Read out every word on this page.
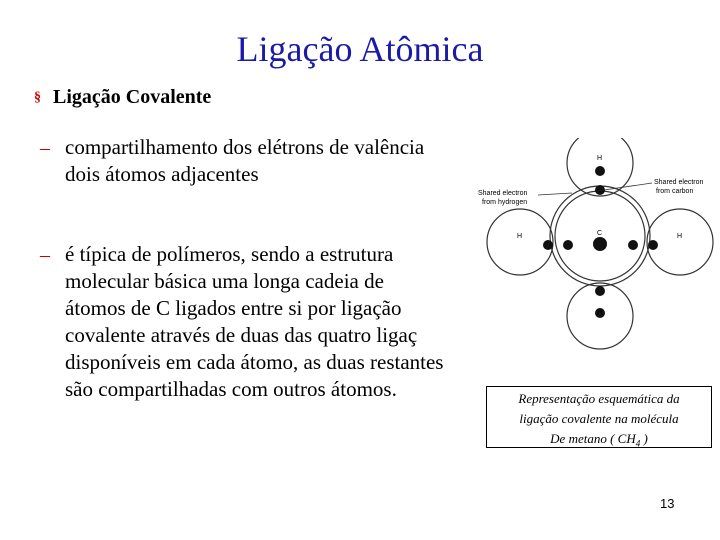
Ligação Atômica
§ Ligação Covalente
– compartilhamento dos elétrons de valência
dois átomos adjacentes
– é típica de polímeros, sendo a estrutura
molecular básica uma longa cadeia de
átomos de C ligados entre si por ligação
covalente através de duas das quatro ligaç
disponíveis em cada átomo, as duas restantes
são compartilhadas com outros átomos.
H
H	H
H
C
Shared electron
from hydrogen
Shared electron
from carbon
Representação esquemática da
ligação covalente na molécula
De metano ( $CH_4$ )
13
